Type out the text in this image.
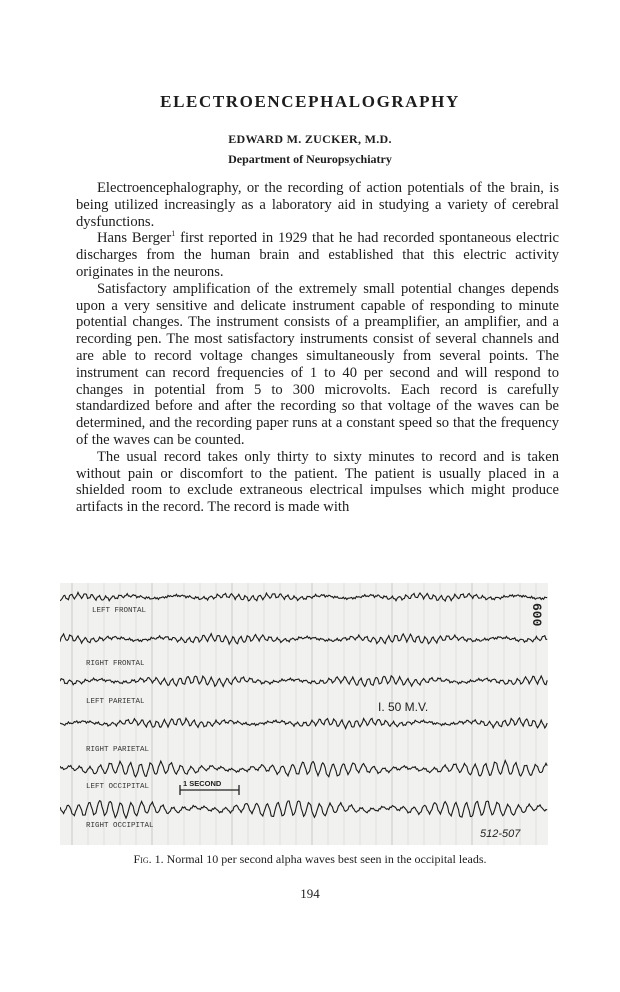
ELECTROENCEPHALOGRAPHY
EDWARD M. ZUCKER, M.D.
Department of Neuropsychiatry

Electroencephalography, or the recording of action potentials of the brain, is being utilized increasingly as a laboratory aid in studying a variety of cerebral dysfunctions.

Hans Berger$^1$ first reported in 1929 that he had recorded spontaneous electric discharges from the human brain and established that this electric activity originates in the neurons.

Satisfactory amplification of the extremely small potential changes depends upon a very sensitive and delicate instrument capable of responding to minute potential changes. The instrument consists of a preamplifier, an amplifier, and a recording pen. The most satisfactory instruments consist of several channels and are able to record voltage changes simultaneously from several points. The instrument can record frequencies of 1 to 40 per second and will respond to changes in potential from 5 to 300 microvolts. Each record is carefully standardized before and after the recording so that voltage of the waves can be determined, and the recording paper runs at a constant speed so that the frequency of the waves can be counted.

The usual record takes only thirty to sixty minutes to record and is taken without pain or discomfort to the patient. The patient is usually placed in a shielded room to exclude extraneous electrical impulses which might produce artifacts in the record. The record is made with

LEFT FRONTAL
RIGHT FRONTAL
LEFT PARIETAL
RIGHT PARIETAL
LEFT OCCIPITAL
RIGHT OCCIPITAL
600
I. 50 M.V.
1 SECOND
512-507
Fig. 1. Normal 10 per second alpha waves best seen in the occipital leads.
194
